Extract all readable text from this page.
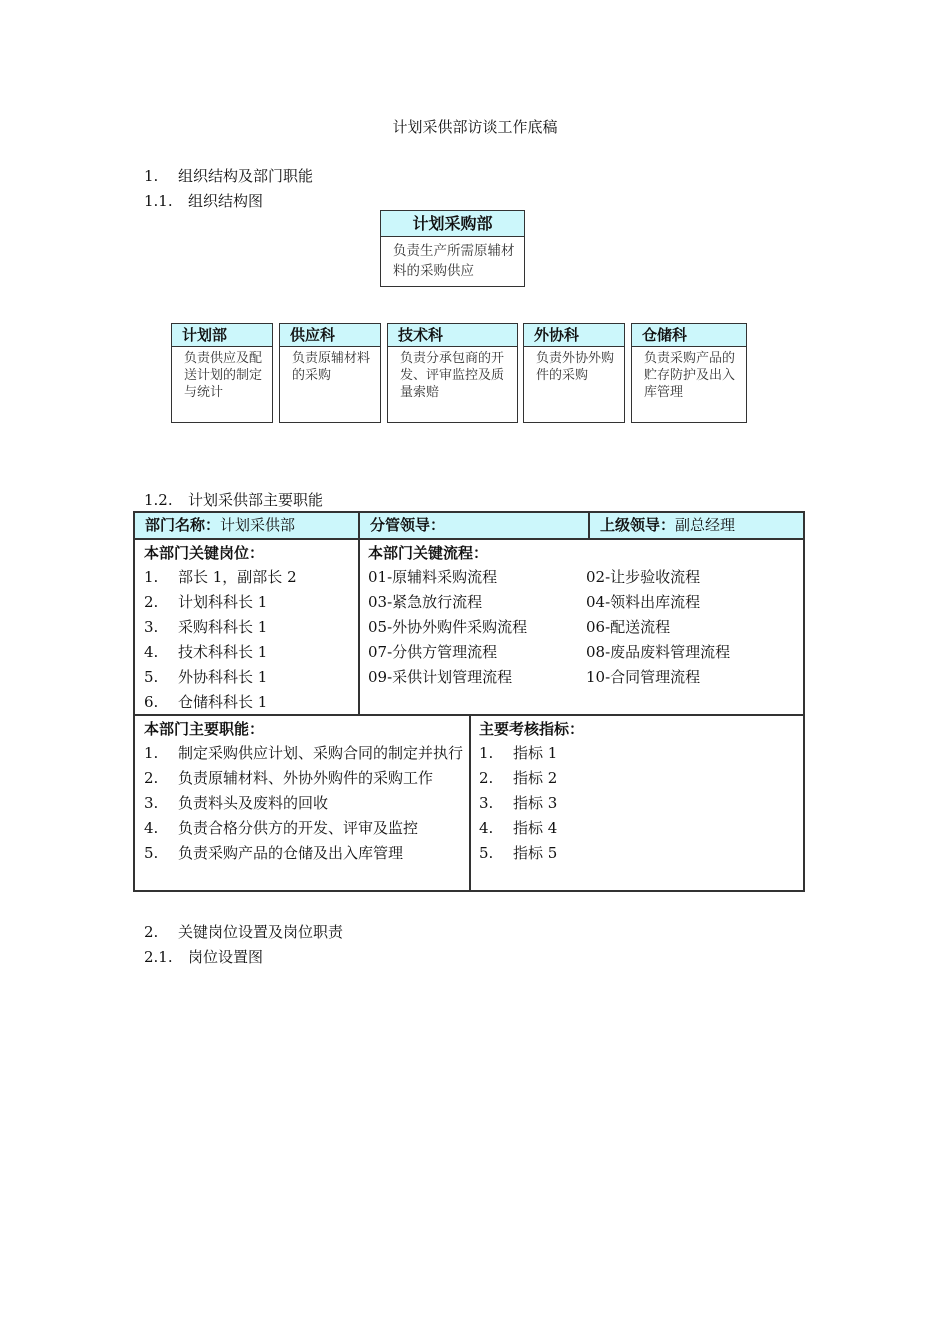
计划采供部访谈工作底稿
1. 组织结构及部门职能
1.1. 组织结构图
计划采购部
负责生产所需原辅材料的采购供应
计划部
负责供应及配送计划的制定与统计
供应科
负责原辅材料的采购
技术科
负责分承包商的开发、评审监控及质量索赔
外协科
负责外协外购件的采购
仓储科
负责采购产品的贮存防护及出入库管理
1.2. 计划采供部主要职能
部门名称：计划采供部	分管领导：	上级领导：副总经理
本部门关键岗位：
1. 部长 1，副部长 2
2. 计划科科长 1
3. 采购科科长 1
4. 技术科科长 1
5. 外协科科长 1
6. 仓储科科长 1
本部门关键流程：
01-原辅料采购流程	02-让步验收流程
03-紧急放行流程	04-领料出库流程
05-外协外购件采购流程	06-配送流程
07-分供方管理流程	08-废品废料管理流程
09-采供计划管理流程	10-合同管理流程
本部门主要职能：
1. 制定采购供应计划、采购合同的制定并执行
2. 负责原辅材料、外协外购件的采购工作
3. 负责料头及废料的回收
4. 负责合格分供方的开发、评审及监控
5. 负责采购产品的仓储及出入库管理
主要考核指标：
1. 指标 1
2. 指标 2
3. 指标 3
4. 指标 4
5. 指标 5
2. 关键岗位设置及岗位职责
2.1. 岗位设置图
